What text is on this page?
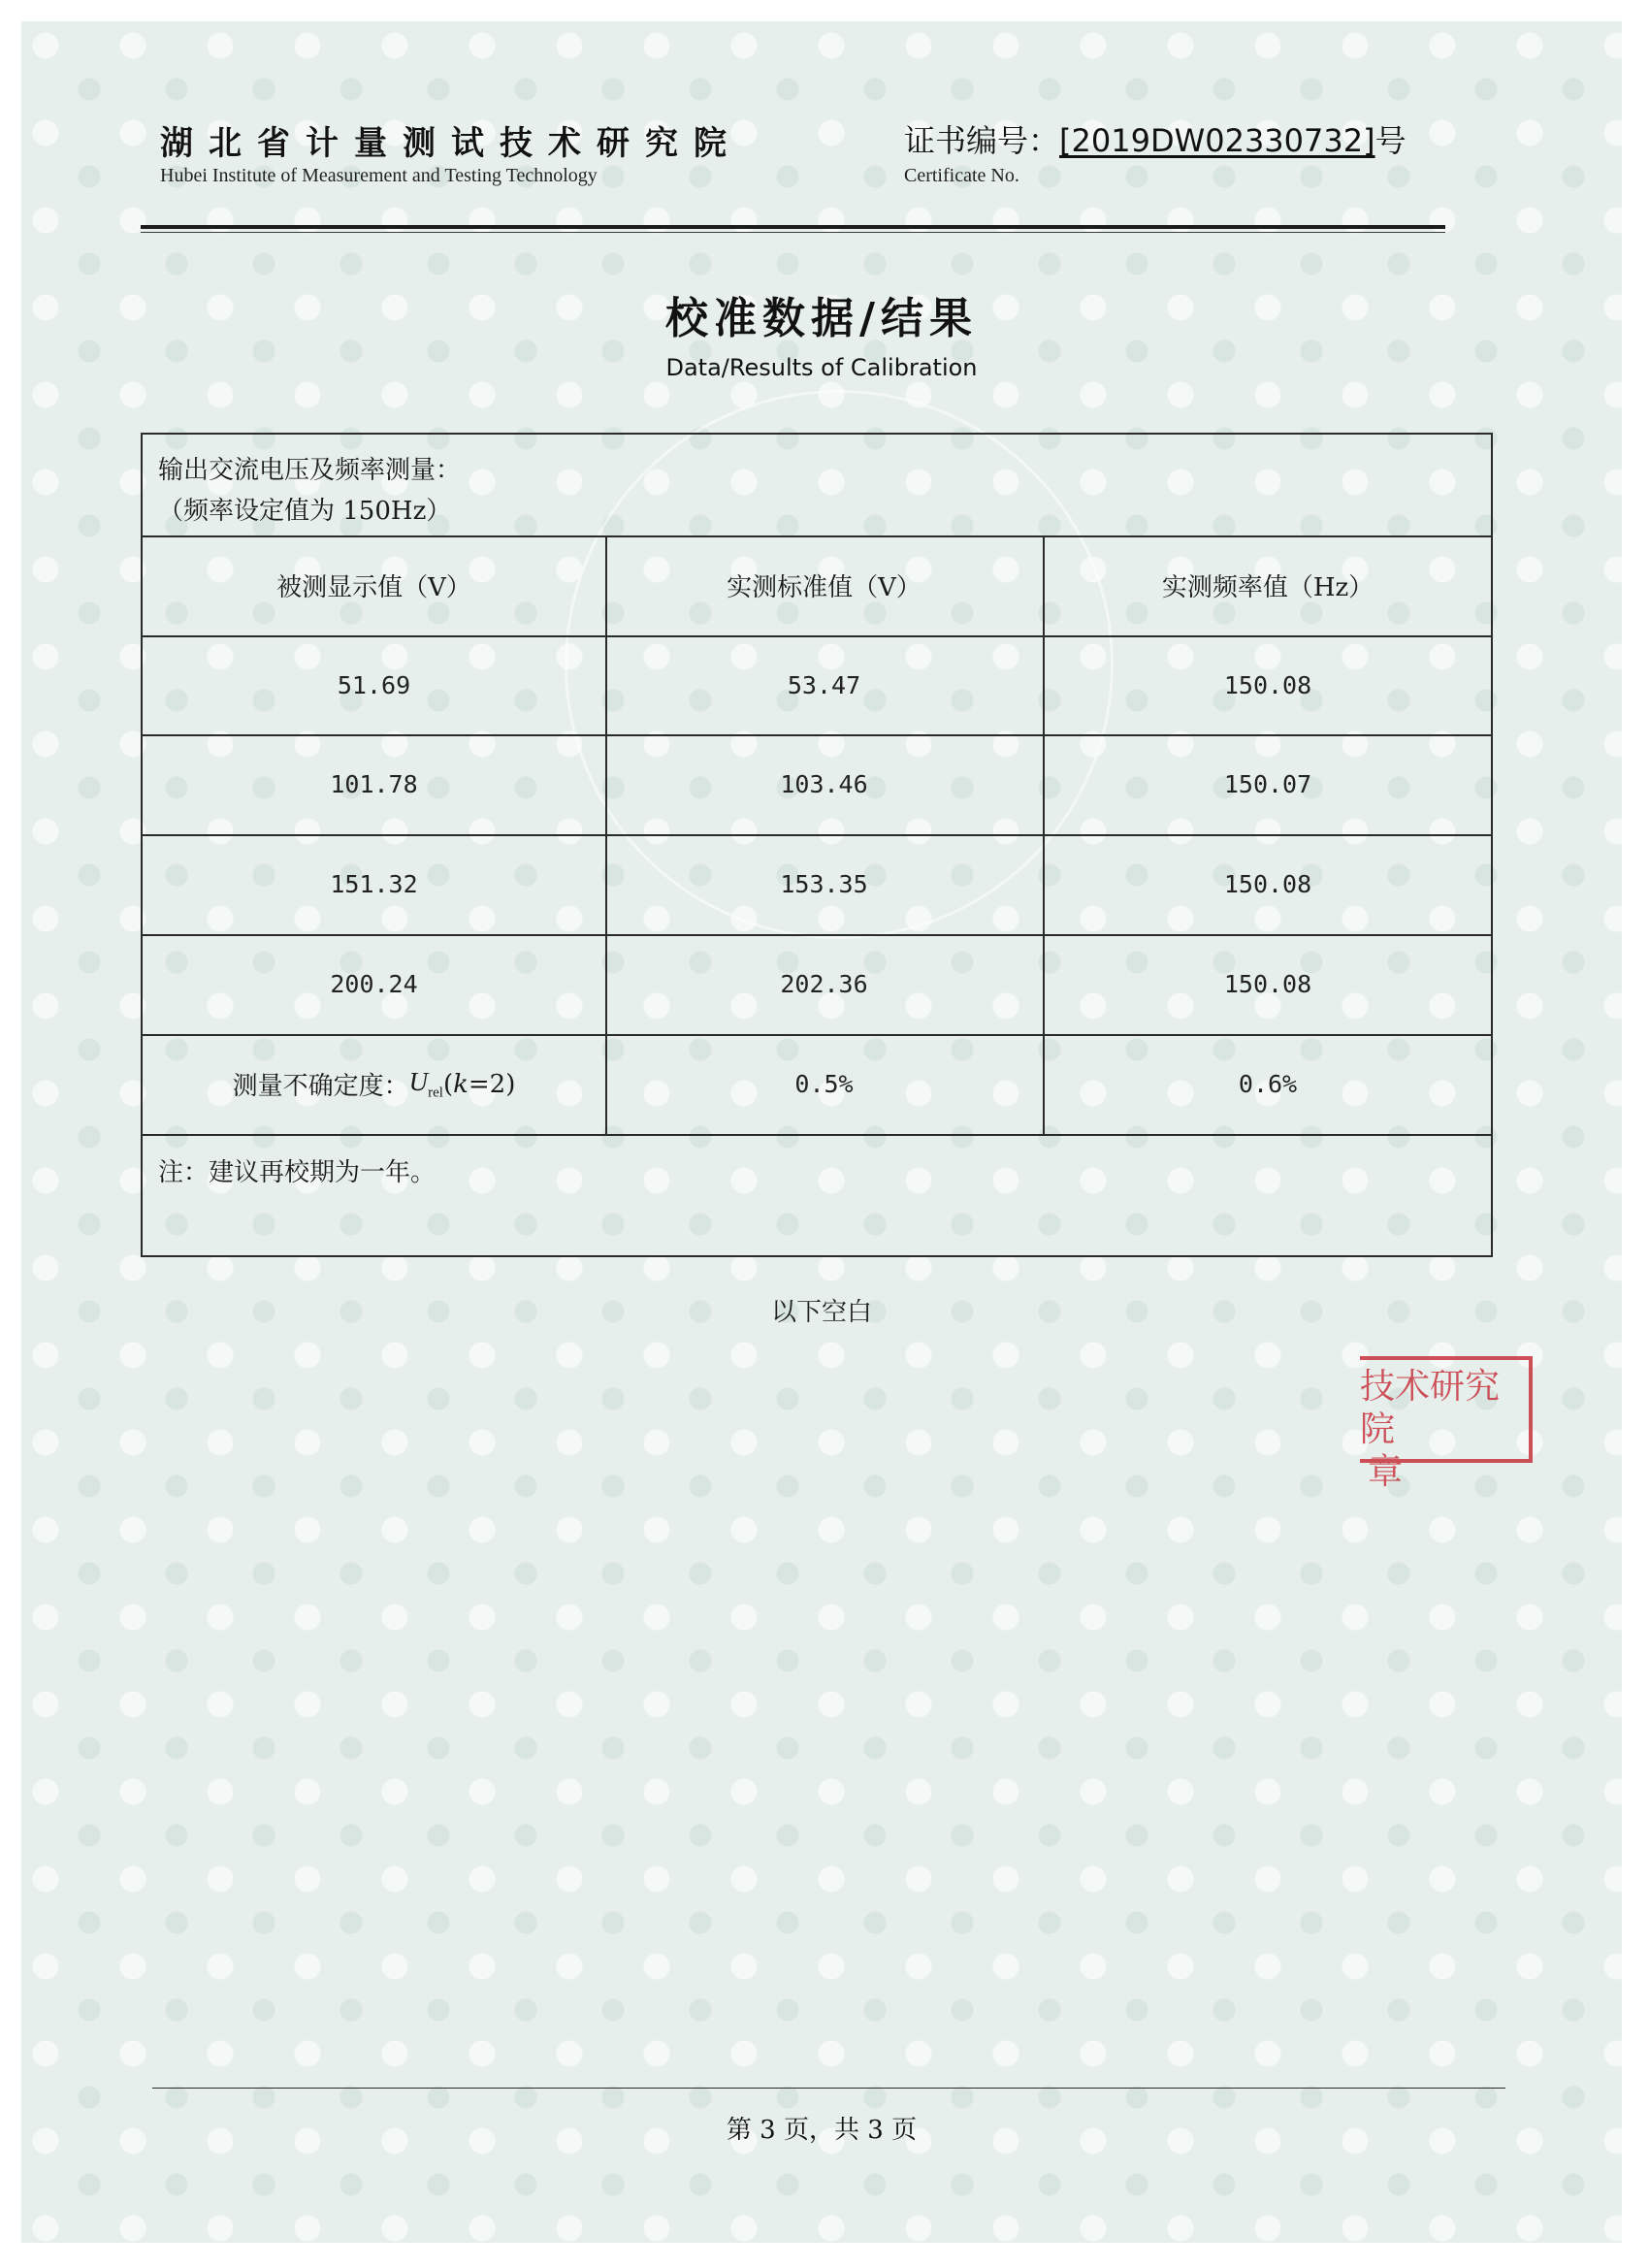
湖北省计量测试技术研究院
Hubei Institute of Measurement and Testing Technology
证书编号：[2019DW02330732]号
Certificate No.
校准数据/结果
Data/Results of Calibration
输出交流电压及频率测量：
（频率设定值为 150Hz）
被测显示值（V）	实测标准值（V）	实测频率值（Hz）
51.69	53.47	150.08
101.78	103.46	150.07
151.32	153.35	150.08
200.24	202.36	150.08
测量不确定度： $U_{rel}$ ( k =2)	0.5%	0.6%
注：建议再校期为一年。
以下空白
技术研究院
章
第 3 页，共 3 页
